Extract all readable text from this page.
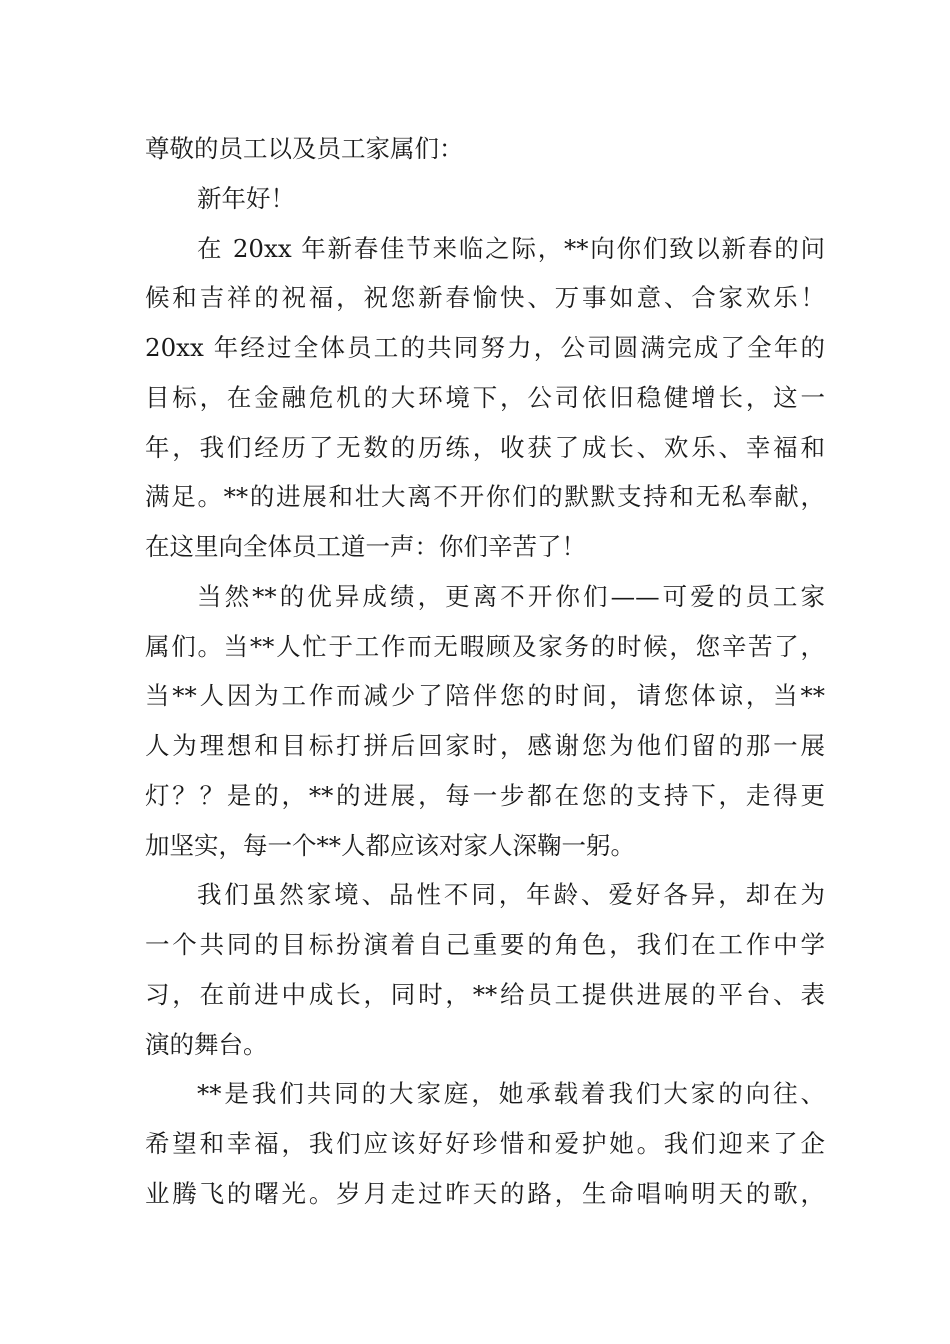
尊敬的员工以及员工家属们：
新年好！
在 20xx 年新春佳节来临之际，**向你们致以新春的问
候和吉祥的祝福，祝您新春愉快、万事如意、合家欢乐！
20xx 年经过全体员工的共同努力，公司圆满完成了全年的
目标，在金融危机的大环境下，公司依旧稳健增长，这一
年，我们经历了无数的历练，收获了成长、欢乐、幸福和
满足。**的进展和壮大离不开你们的默默支持和无私奉献，
在这里向全体员工道一声：你们辛苦了！
当然**的优异成绩，更离不开你们——可爱的员工家
属们。当**人忙于工作而无暇顾及家务的时候，您辛苦了，
当**人因为工作而减少了陪伴您的时间，请您体谅，当**
人为理想和目标打拼后回家时，感谢您为他们留的那一展
灯？？是的，**的进展，每一步都在您的支持下，走得更
加坚实，每一个**人都应该对家人深鞠一躬。
我们虽然家境、品性不同，年龄、爱好各异，却在为
一个共同的目标扮演着自己重要的角色，我们在工作中学
习，在前进中成长，同时，**给员工提供进展的平台、表
演的舞台。
**是我们共同的大家庭，她承载着我们大家的向往、
希望和幸福，我们应该好好珍惜和爱护她。我们迎来了企
业腾飞的曙光。岁月走过昨天的路，生命唱响明天的歌，
